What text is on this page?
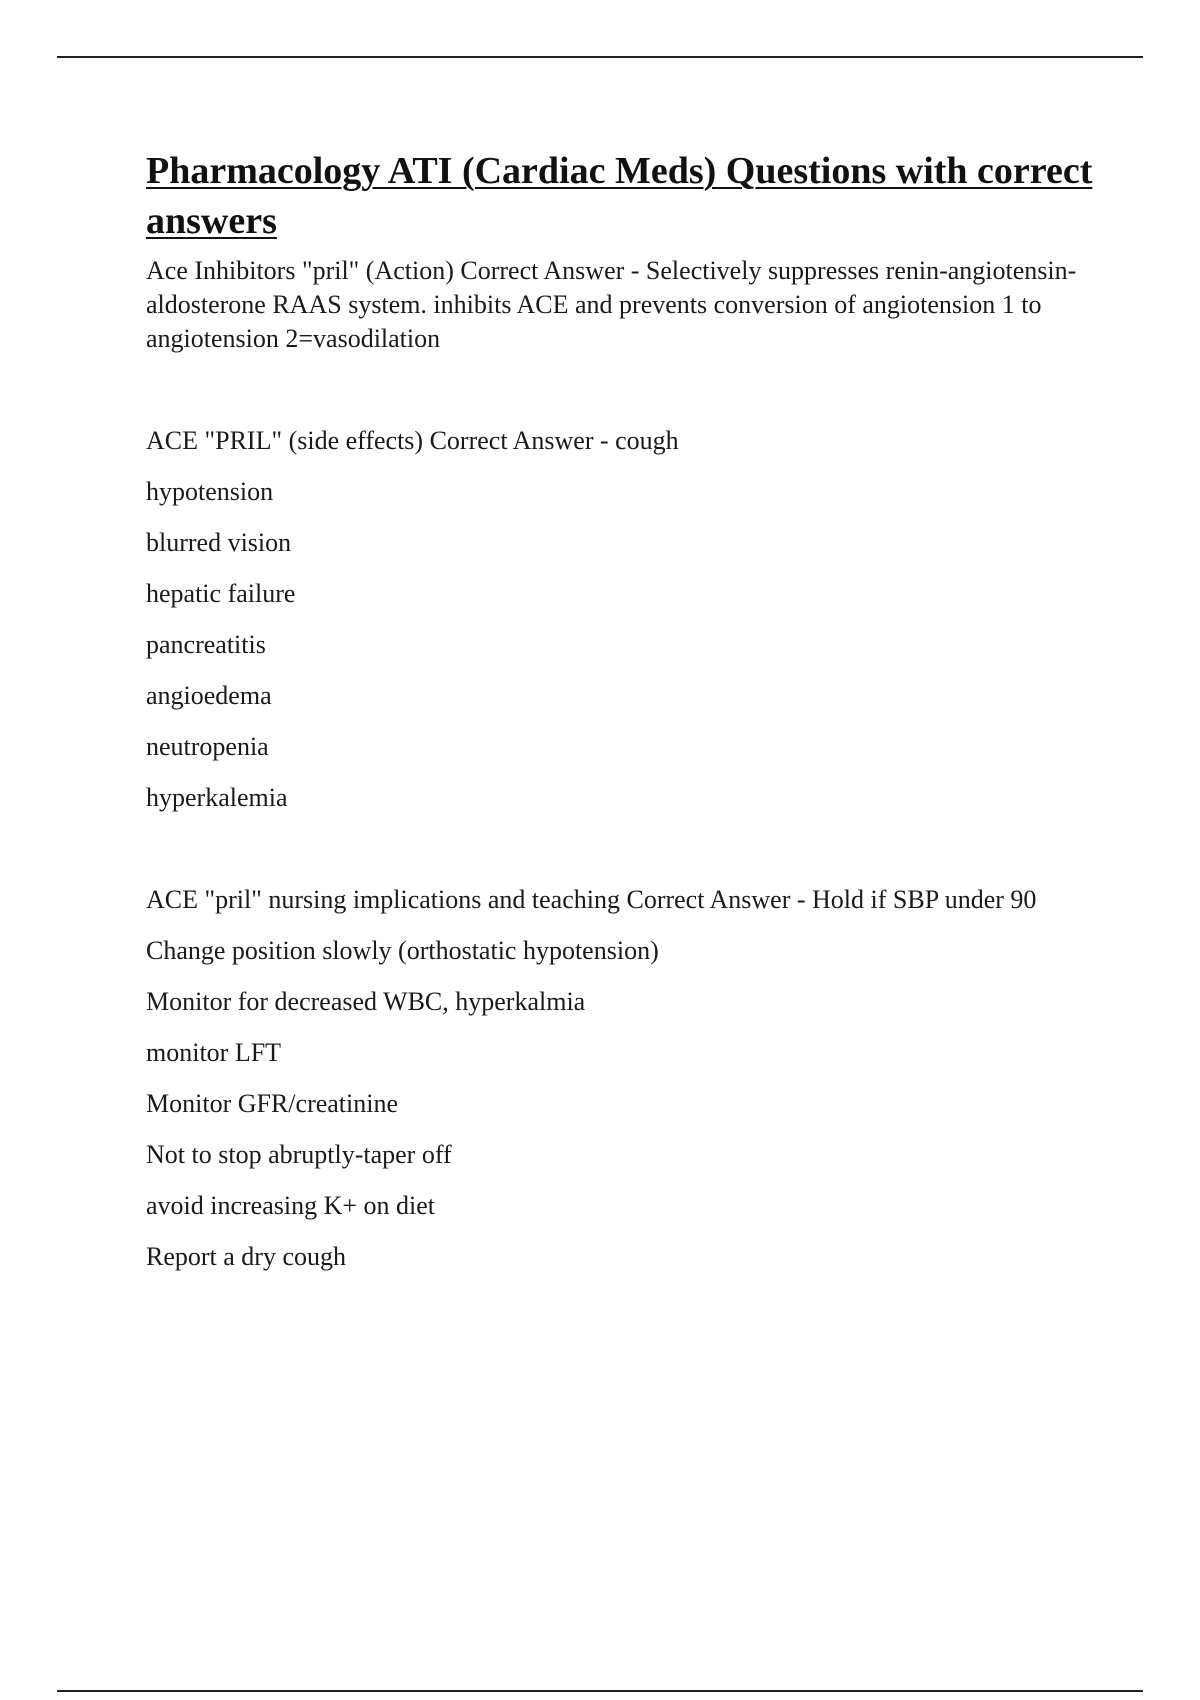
Pharmacology ATI (Cardiac Meds) Questions with correct answers

Ace Inhibitors "pril" (Action) Correct Answer - Selectively suppresses renin-angiotensin-aldosterone RAAS system. inhibits ACE and prevents conversion of angiotension 1 to angiotension 2=vasodilation

ACE "PRIL" (side effects) Correct Answer - cough

hypotension

blurred vision

hepatic failure

pancreatitis

angioedema

neutropenia

hyperkalemia

ACE "pril" nursing implications and teaching Correct Answer - Hold if SBP under 90

Change position slowly (orthostatic hypotension)

Monitor for decreased WBC, hyperkalmia

monitor LFT

Monitor GFR/creatinine

Not to stop abruptly-taper off

avoid increasing K+ on diet

Report a dry cough
